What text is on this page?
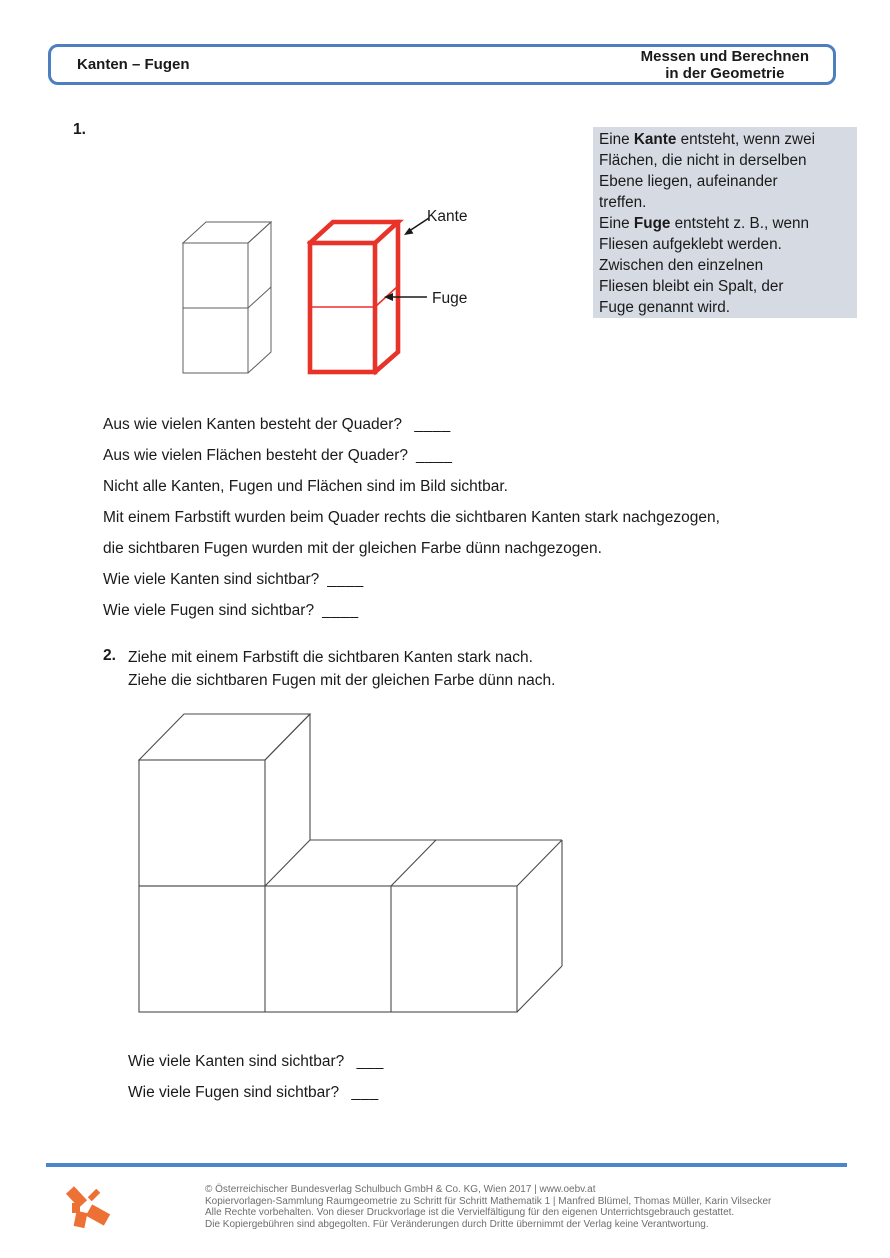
Kanten – Fugen	Messen und Berechnen
in der Geometrie
1.
Kante
Fuge
Eine Kante entsteht, wenn zwei
Flächen, die nicht in derselben
Ebene liegen, aufeinander
treffen.
Eine Fuge entsteht z. B., wenn
Fliesen aufgeklebt werden.
Zwischen den einzelnen
Fliesen bleibt ein Spalt, der
Fuge genannt wird.
Aus wie vielen Kanten besteht der Quader? ____
Aus wie vielen Flächen besteht der Quader? ____
Nicht alle Kanten, Fugen und Flächen sind im Bild sichtbar.
Mit einem Farbstift wurden beim Quader rechts die sichtbaren Kanten stark nachgezogen,
die sichtbaren Fugen wurden mit der gleichen Farbe dünn nachgezogen.
Wie viele Kanten sind sichtbar? ____
Wie viele Fugen sind sichtbar? ____
2. Ziehe mit einem Farbstift die sichtbaren Kanten stark nach.
Ziehe die sichtbaren Fugen mit der gleichen Farbe dünn nach.
Wie viele Kanten sind sichtbar? ___
Wie viele Fugen sind sichtbar? ___
© Österreichischer Bundesverlag Schulbuch GmbH & Co. KG, Wien 2017 | www.oebv.at
Kopiervorlagen-Sammlung Raumgeometrie zu Schritt für Schritt Mathematik 1 | Manfred Blümel, Thomas Müller, Karin Vilsecker
Alle Rechte vorbehalten. Von dieser Druckvorlage ist die Vervielfältigung für den eigenen Unterrichtsgebrauch gestattet.
Die Kopiergebühren sind abgegolten. Für Veränderungen durch Dritte übernimmt der Verlag keine Verantwortung.
